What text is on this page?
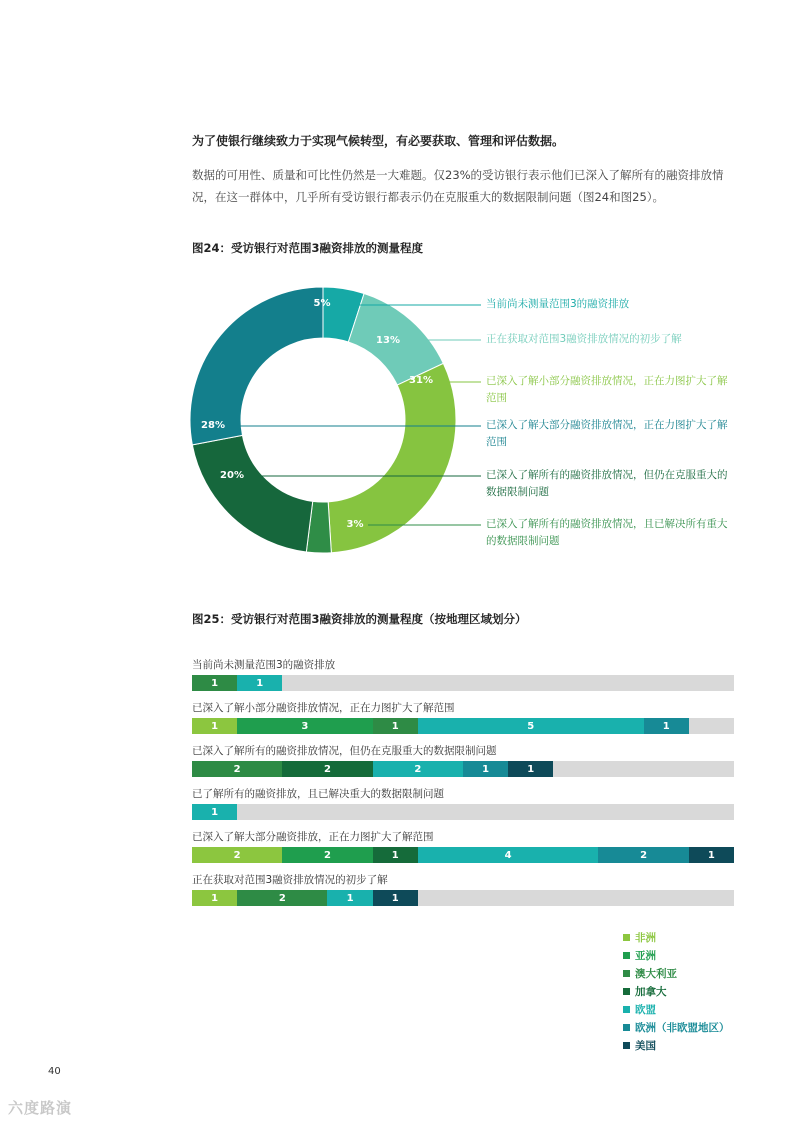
为了使银行继续致力于实现气候转型，有必要获取、管理和评估数据。
数据的可用性、质量和可比性仍然是一大难题。仅23%的受访银行表示他们已深入了解所有的融资排放情况，在这一群体中，几乎所有受访银行都表示仍在克服重大的数据限制问题（图24和图25）。
图24：受访银行对范围3融资排放的测量程度
5%
13%
31%
3%
20%
28%
当前尚未测量范围3的融资排放
正在获取对范围3融资排放情况的初步了解
已深入了解小部分融资排放情况，正在力图扩大了解范围
已深入了解大部分融资排放情况，正在力图扩大了解范围
已深入了解所有的融资排放情况，但仍在克服重大的数据限制问题
已深入了解所有的融资排放情况，且已解决所有重大的数据限制问题
图25：受访银行对范围3融资排放的测量程度（按地理区域划分）
当前尚未测量范围3的融资排放
1	1
已深入了解小部分融资排放情况，正在力图扩大了解范围
1	3	1	5	1
已深入了解所有的融资排放情况，但仍在克服重大的数据限制问题
2	2	2	1	1
已了解所有的融资排放，且已解决重大的数据限制问题
1
已深入了解大部分融资排放，正在力图扩大了解范围
2	2	1	4	2	1
正在获取对范围3融资排放情况的初步了解
1	2	1	1
非洲
亚洲
澳大利亚
加拿大
欧盟
欧洲（非欧盟地区）
美国
40
六度路演
